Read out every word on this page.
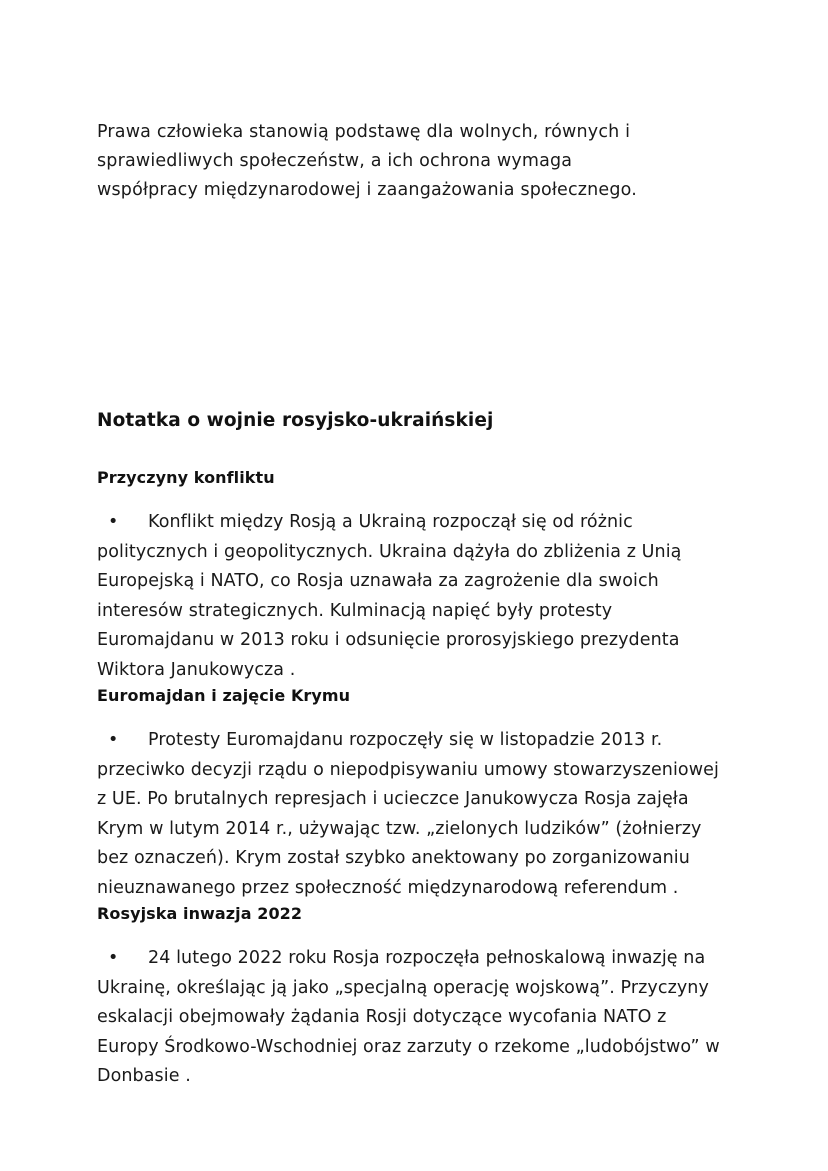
Prawa człowieka stanowią podstawę dla wolnych, równych i sprawiedliwych społeczeństw, a ich ochrona wymaga współpracy międzynarodowej i zaangażowania społecznego.

Notatka o wojnie rosyjsko-ukraińskiej
Przyczyny konfliktu
•	Konflikt między Rosją a Ukrainą rozpoczął się od różnic politycznych i geopolitycznych. Ukraina dążyła do zbliżenia z Unią Europejską i NATO, co Rosja uznawała za zagrożenie dla swoich interesów strategicznych. Kulminacją napięć były protesty Euromajdanu w 2013 roku i odsunięcie prorosyjskiego prezydenta Wiktora Janukowycza .
Euromajdan i zajęcie Krymu
•	Protesty Euromajdanu rozpoczęły się w listopadzie 2013 r. przeciwko decyzji rządu o niepodpisywaniu umowy stowarzyszeniowej z UE. Po brutalnych represjach i ucieczce Janukowycza Rosja zajęła Krym w lutym 2014 r., używając tzw. „zielonych ludzików” (żołnierzy bez oznaczeń). Krym został szybko anektowany po zorganizowaniu nieuznawanego przez społeczność międzynarodową referendum .
Rosyjska inwazja 2022
•	24 lutego 2022 roku Rosja rozpoczęła pełnoskalową inwazję na Ukrainę, określając ją jako „specjalną operację wojskową”. Przyczyny eskalacji obejmowały żądania Rosji dotyczące wycofania NATO z Europy Środkowo-Wschodniej oraz zarzuty o rzekome „ludobójstwo” w Donbasie .
